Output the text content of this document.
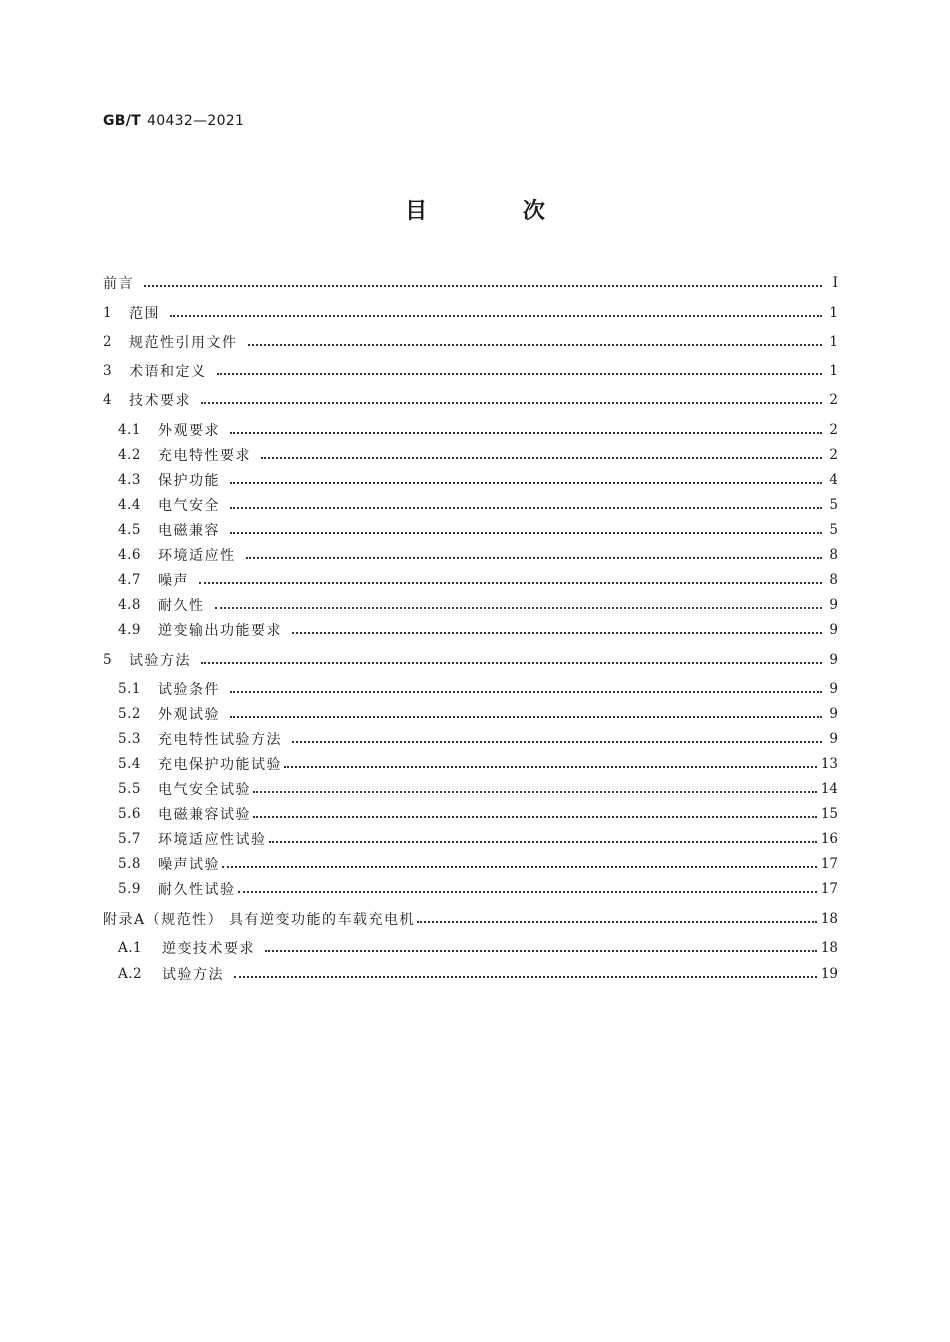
GB/T 40432—2021
目 次
前言	Ⅰ
1	范围	1
2	规范性引用文件	1
3	术语和定义	1
4	技术要求	2
4.1	外观要求	2
4.2	充电特性要求	2
4.3	保护功能	4
4.4	电气安全	5
4.5	电磁兼容	5
4.6	环境适应性	8
4.7	噪声	8
4.8	耐久性	9
4.9	逆变输出功能要求	9
5	试验方法	9
5.1	试验条件	9
5.2	外观试验	9
5.3	充电特性试验方法	9
5.4	充电保护功能试验	13
5.5	电气安全试验	14
5.6	电磁兼容试验	15
5.7	环境适应性试验	16
5.8	噪声试验	17
5.9	耐久性试验	17
附录A（规范性） 具有逆变功能的车载充电机	18
A.1	逆变技术要求	18
A.2	试验方法	19
